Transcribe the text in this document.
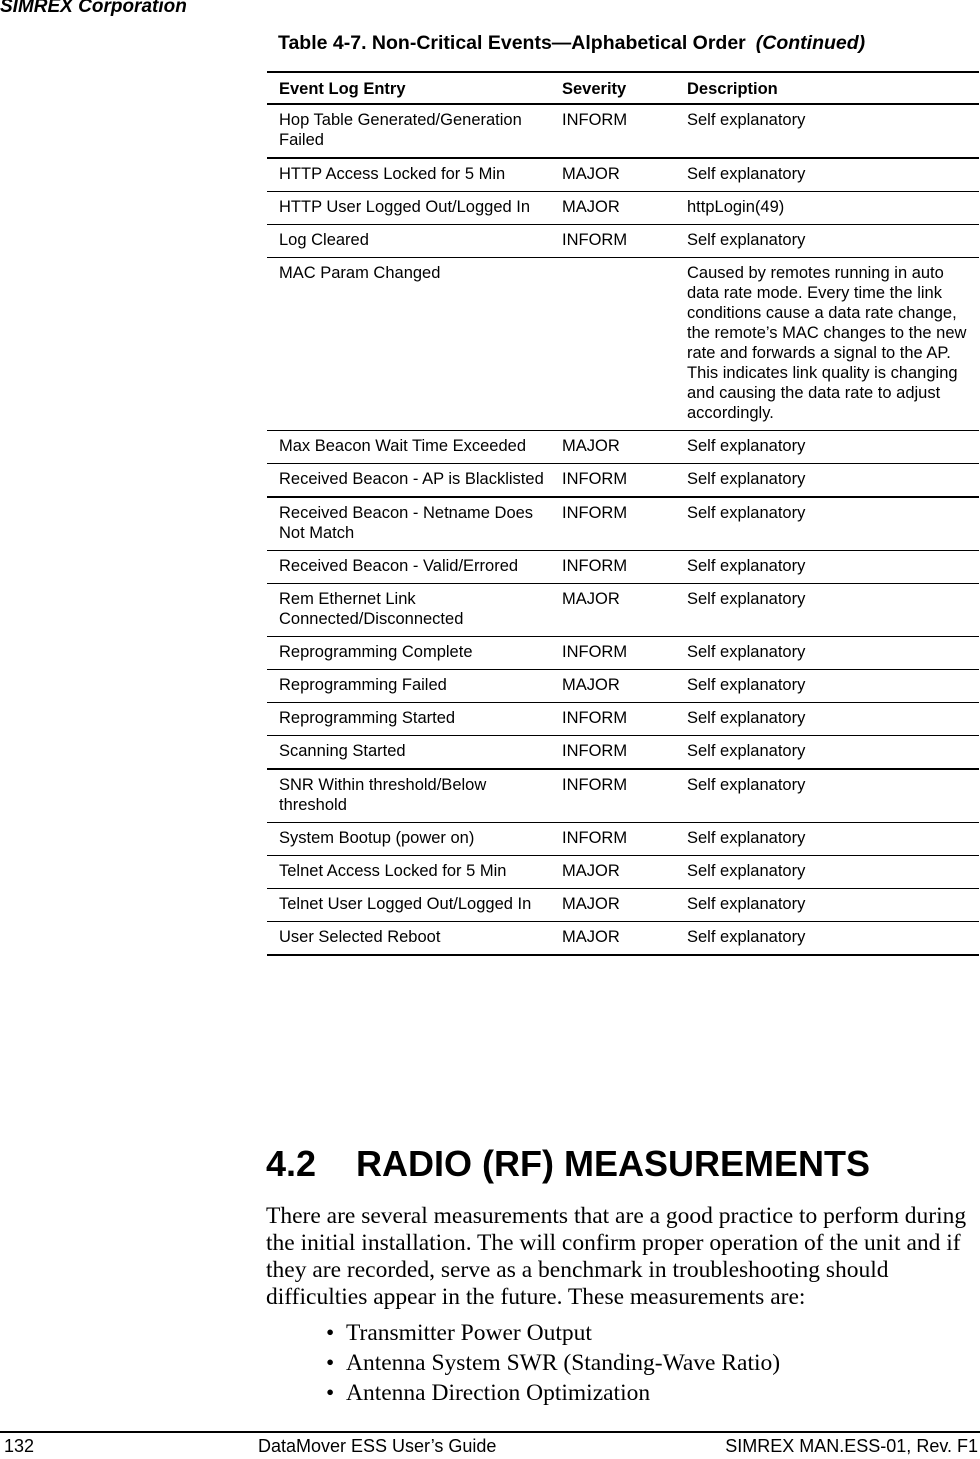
SIMREX Corporation
Table 4-7. Non-Critical Events—Alphabetical Order (Continued)
Event Log Entry	Severity	Description
Hop Table Generated/Generation Failed	INFORM	Self explanatory
HTTP Access Locked for 5 Min	MAJOR	Self explanatory
HTTP User Logged Out/Logged In	MAJOR	httpLogin(49)
Log Cleared	INFORM	Self explanatory
MAC Param Changed		Caused by remotes running in auto data rate mode. Every time the link conditions cause a data rate change, the remote’s MAC changes to the new rate and forwards a signal to the AP. This indicates link quality is changing and causing the data rate to adjust accordingly.
Max Beacon Wait Time Exceeded	MAJOR	Self explanatory
Received Beacon - AP is Blacklisted	INFORM	Self explanatory
Received Beacon - Netname Does Not Match	INFORM	Self explanatory
Received Beacon - Valid/Errored	INFORM	Self explanatory
Rem Ethernet Link Connected/Disconnected	MAJOR	Self explanatory
Reprogramming Complete	INFORM	Self explanatory
Reprogramming Failed	MAJOR	Self explanatory
Reprogramming Started	INFORM	Self explanatory
Scanning Started	INFORM	Self explanatory
SNR Within threshold/Below threshold	INFORM	Self explanatory
System Bootup (power on)	INFORM	Self explanatory
Telnet Access Locked for 5 Min	MAJOR	Self explanatory
Telnet User Logged Out/Logged In	MAJOR	Self explanatory
User Selected Reboot	MAJOR	Self explanatory
4.2 RADIO (RF) MEASUREMENTS
There are several measurements that are a good practice to perform during the initial installation. The will confirm proper operation of the unit and if they are recorded, serve as a benchmark in troubleshooting should difficulties appear in the future. These measurements are:
• Transmitter Power Output
• Antenna System SWR (Standing-Wave Ratio)
• Antenna Direction Optimization
132	DataMover ESS User’s Guide	SIMREX MAN.ESS-01, Rev. F1
